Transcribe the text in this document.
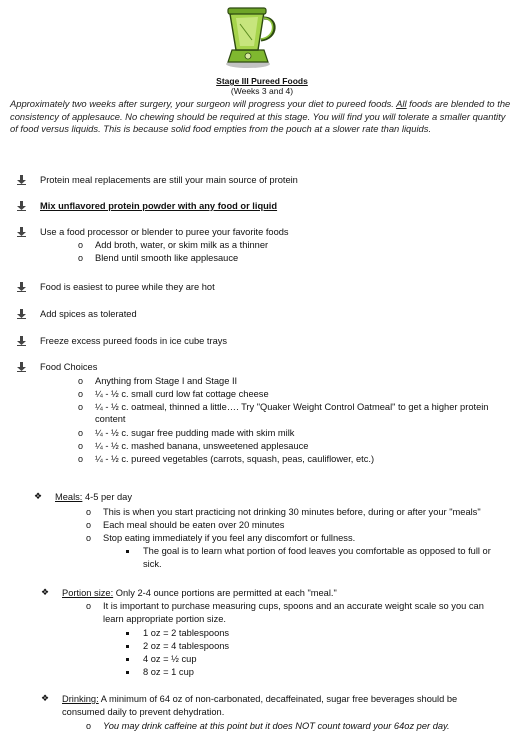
Stage III Pureed Foods
(Weeks 3 and 4)
Approximately two weeks after surgery, your surgeon will progress your diet to pureed foods. All foods are blended to the consistency of applesauce. No chewing should be required at this stage. You will find you will tolerate a smaller quantity of food versus liquids. This is because solid food empties from the pouch at a slower rate than liquids.
Protein meal replacements are still your main source of protein
Mix unflavored protein powder with any food or liquid
Use a food processor or blender to puree your favorite foods
o Add broth, water, or skim milk as a thinner
o Blend until smooth like applesauce
Food is easiest to puree while they are hot
Add spices as tolerated
Freeze excess pureed foods in ice cube trays
Food Choices
o Anything from Stage I and Stage II
o ¼ - ½ c. small curd low fat cottage cheese
o ¼ - ½ c. oatmeal, thinned a little…. Try "Quaker Weight Control Oatmeal" to get a higher protein
content
o ¼ - ½ c. sugar free pudding made with skim milk
o ¼ - ½ c. mashed banana, unsweetened applesauce
o ¼ - ½ c. pureed vegetables (carrots, squash, peas, cauliflower, etc.)
❖ Meals: 4-5 per day
o This is when you start practicing not drinking 30 minutes before, during or after your "meals"
o Each meal should be eaten over 20 minutes
o Stop eating immediately if you feel any discomfort or fullness.
The goal is to learn what portion of food leaves you comfortable as opposed to full or
sick.
❖ Portion size: Only 2-4 ounce portions are permitted at each "meal."
o It is important to purchase measuring cups, spoons and an accurate weight scale so you can
learn appropriate portion size.
1 oz = 2 tablespoons
2 oz = 4 tablespoons
4 oz = ½ cup
8 oz = 1 cup
❖ Drinking: A minimum of 64 oz of non-carbonated, decaffeinated, sugar free beverages should be
consumed daily to prevent dehydration.
o You may drink caffeine at this point but it does NOT count toward your 64oz per day.
